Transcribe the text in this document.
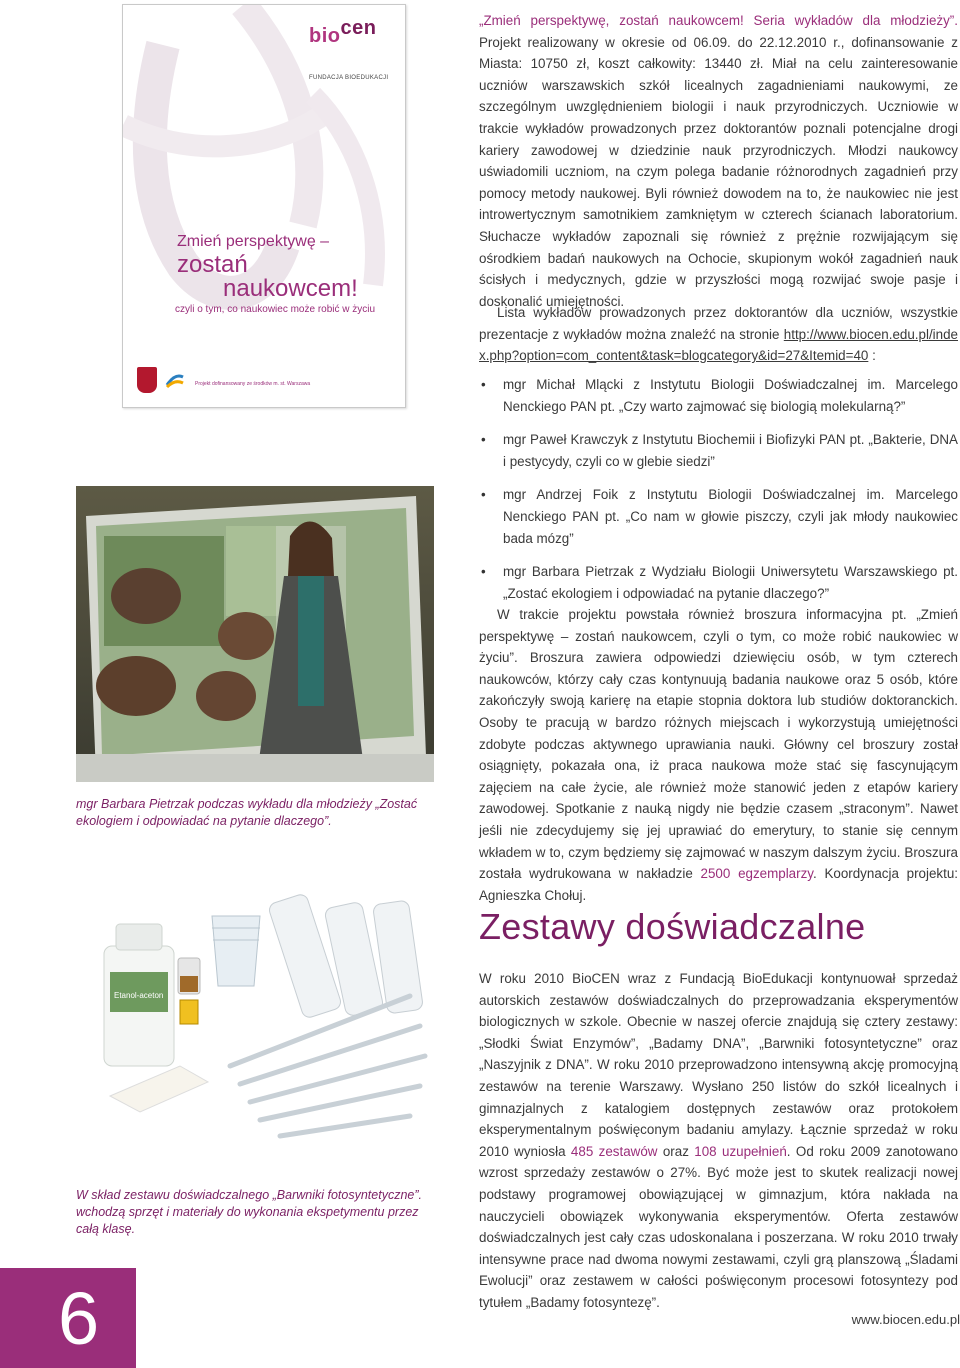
biocen
FUNDACJA BIOEDUKACJI
Zmień perspektywę –
zostań
naukowcem!
czyli o tym, co naukowiec może robić w życiu
Projekt dofinansowany ze środków m. st. Warszawa
mgr Barbara Pietrzak podczas wykładu dla młodzieży „Zostać ekologiem i odpowiadać na pytanie dlaczego”.
Etanol-aceton
W skład zestawu doświadczalnego „Barwniki fotosyntetyczne”. wchodzą sprzęt i materiały do wykonania ekspetymentu przez całą klasę.
„Zmień perspektywę, zostań naukowcem! Seria wykładów dla młodzieży”. Projekt realizowany w okresie od 06.09. do 22.12.2010 r., dofinansowanie z Miasta: 10750 zł, koszt całkowity: 13440 zł. Miał na celu zainteresowanie uczniów warszawskich szkół licealnych zagadnieniami naukowymi, ze szczególnym uwzględnieniem biologii i nauk przyrodniczych. Uczniowie w trakcie wykładów prowadzonych przez doktorantów poznali potencjalne drogi kariery zawodowej w dziedzinie nauk przyrodniczych. Młodzi naukowcy uświadomili uczniom, na czym polega badanie różnorodnych zagadnień przy pomocy metody naukowej. Byli również dowodem na to, że naukowiec nie jest introwertycznym samotnikiem zamkniętym w czterech ścianach laboratorium. Słuchacze wykładów zapoznali się również z prężnie rozwijającym się ośrodkiem badań naukowych na Ochocie, skupionym wokół zagadnień nauk ścisłych i medycznych, gdzie w przyszłości mogą rozwijać swoje pasje i doskonalić umiejętności.
Lista wykładów prowadzonych przez doktorantów dla uczniów, wszystkie prezentacje z wykładów można znaleźć na stronie http://www.biocen.edu.pl/index.php?option=com_content&task=blogcategory&id=27&Itemid=40 :
• mgr Michał Mląckі z Instytutu Biologii Doświadczalnej im. Marcelego Nenckiego PAN pt. „Czy warto zajmować się biologią molekularną?”
• mgr Paweł Krawczyk z Instytutu Biochemii i Biofizyki PAN pt. „Bakterie, DNA i pestycydy, czyli co w glebie siedzi”
• mgr Andrzej Foik z Instytutu Biologii Doświadczalnej im. Marcelego Nenckiego PAN pt. „Co nam w głowie piszczy, czyli jak młody naukowiec bada mózg”
• mgr Barbara Pietrzak z Wydziału Biologii Uniwersytetu Warszawskiego pt. „Zostać ekologiem i odpowiadać na pytanie dlaczego?”
W trakcie projektu powstała również broszura informacyjna pt. „Zmień perspektywę – zostań naukowcem, czyli o tym, co może robić naukowiec w życiu”. Broszura zawiera odpowiedzi dziewięciu osób, w tym czterech naukowców, którzy cały czas kontynuują badania naukowe oraz 5 osób, które zakończyły swoją karierę na etapie stopnia doktora lub studiów doktoranckich. Osoby te pracują w bardzo różnych miejscach i wykorzystują umiejętności zdobyte podczas aktywnego uprawiania nauki. Główny cel broszury został osiągnięty, pokazała ona, iż praca naukowa może stać się fascynującym zajęciem na całe życie, ale również może stanowić jeden z etapów kariery zawodowej. Spotkanie z nauką nigdy nie będzie czasem „straconym”. Nawet jeśli nie zdecydujemy się jej uprawiać do emerytury, to stanie się cennym wkładem w to, czym będziemy się zajmować w naszym dalszym życiu. Broszura została wydrukowana w nakładzie 2500 egzemplarzy. Koordynacja projektu: Agnieszka Chołuj.
Zestawy doświadczalne
W roku 2010 BioCEN wraz z Fundacją BioEdukacji kontynuował sprzedaż autorskich zestawów doświadczalnych do przeprowadzania eksperymentów biologicznych w szkole. Obecnie w naszej ofercie znajdują się cztery zestawy: „Słodki Świat Enzymów”, „Badamy DNA”, „Barwniki fotosyntetyczne” oraz „Naszyjnik z DNA”. W roku 2010 przeprowadzono intensywną akcję promocyjną zestawów na terenie Warszawy. Wysłano 250 listów do szkół licealnych i gimnazjalnych z katalogiem dostępnych zestawów oraz protokołem eksperymentalnym poświęconym badaniu amylazy. Łącznie sprzedaż w roku 2010 wyniosła 485 zestawów oraz 108 uzupełnień. Od roku 2009 zanotowano wzrost sprzedaży zestawów o 27%. Być może jest to skutek realizacji nowej podstawy programowej obowiązującej w gimnazjum, która nakłada na nauczycieli obowiązek wykonywania eksperymentów. Oferta zestawów doświadczalnych jest cały czas udoskonalana i poszerzana. W roku 2010 trwały intensywne prace nad dwoma nowymi zestawami, czyli grą planszową „Śladami Ewolucji” oraz zestawem w całości poświęconym procesowi fotosyntezy pod tytułem „Badamy fotosyntezę”.
6	www.biocen.edu.pl
